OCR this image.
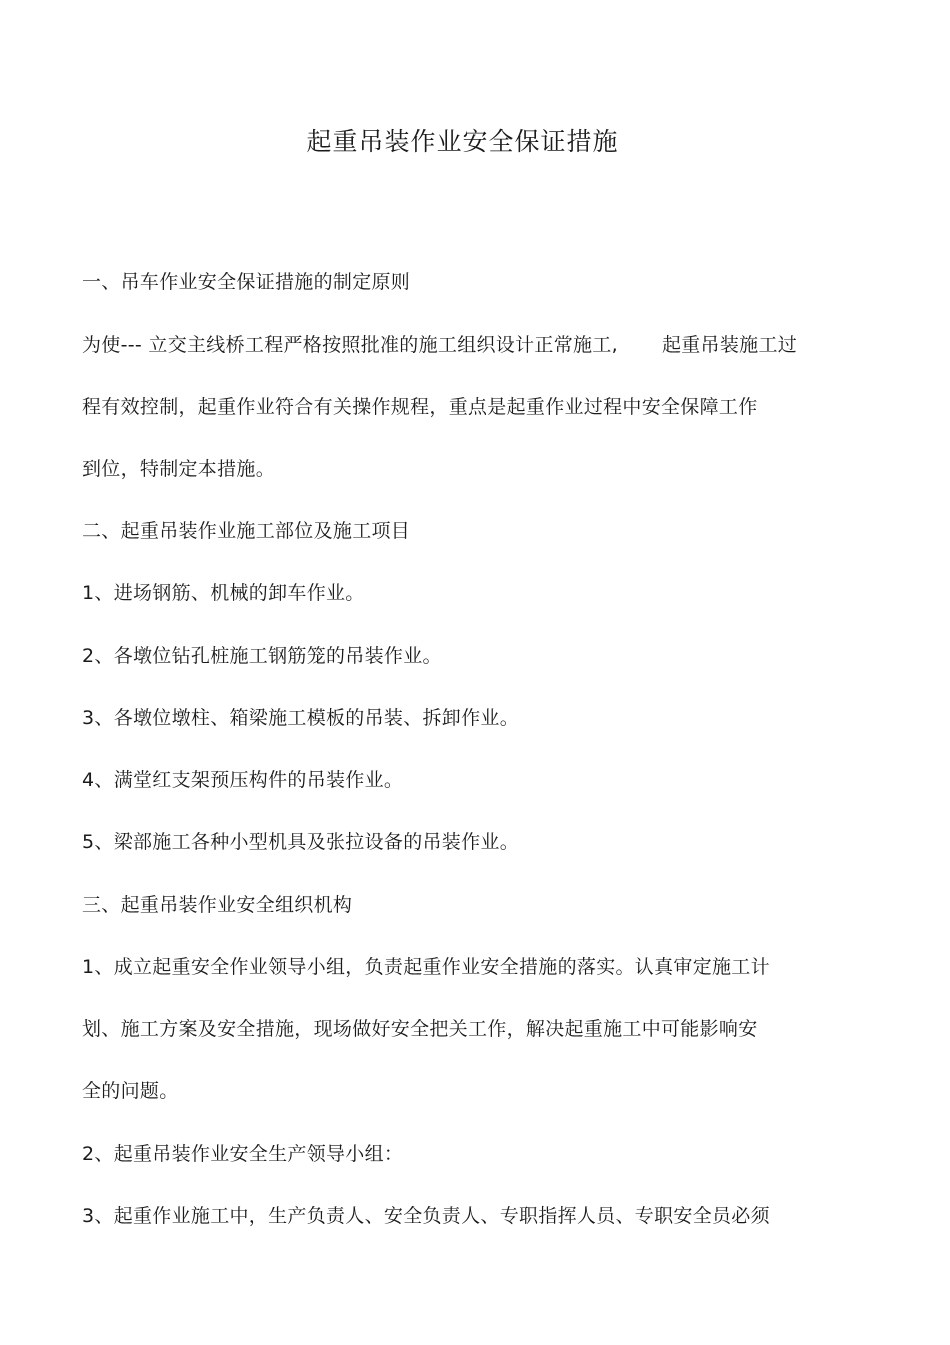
起重吊装作业安全保证措施
一、吊车作业安全保证措施的制定原则
为使--- 立交主线桥工程严格按照批准的施工组织设计正常施工, 起重吊装施工过
程有效控制，起重作业符合有关操作规程，重点是起重作业过程中安全保障工作
到位，特制定本措施。
二、起重吊装作业施工部位及施工项目
1、进场钢筋、机械的卸车作业。
2、各墩位钻孔桩施工钢筋笼的吊装作业。
3、各墩位墩柱、箱梁施工模板的吊装、拆卸作业。
4、满堂红支架预压构件的吊装作业。
5、梁部施工各种小型机具及张拉设备的吊装作业。
三、起重吊装作业安全组织机构
1、成立起重安全作业领导小组，负责起重作业安全措施的落实。认真审定施工计
划、施工方案及安全措施，现场做好安全把关工作，解决起重施工中可能影响安
全的问题。
2、起重吊装作业安全生产领导小组：
3、起重作业施工中，生产负责人、安全负责人、专职指挥人员、专职安全员必须
